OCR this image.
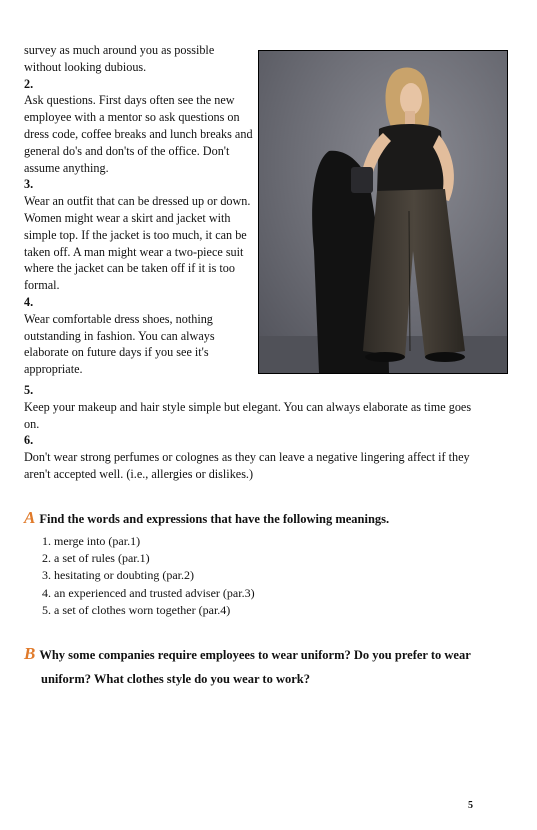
survey as much around you as possible
without looking dubious.
2.
Ask questions. First days often see the new
employee with a mentor so ask questions on
dress code, coffee breaks and lunch breaks and
general do's and don'ts of the office. Don't
assume anything.
3.
Wear an outfit that can be dressed up or down.
Women might wear a skirt and jacket with
simple top. If the jacket is too much, it can be
taken off. A man might wear a two-piece suit
where the jacket can be taken off if it is too
formal.
4.
Wear comfortable dress shoes, nothing
outstanding in fashion. You can always
elaborate on future days if you see it's
appropriate.
5.
Keep your makeup and hair style simple but elegant. You can always elaborate as time goes
on.
6.
Don't wear strong perfumes or colognes as they can leave a negative lingering affect if they
aren't accepted well. (i.e., allergies or dislikes.)
A Find the words and expressions that have the following meanings.
1. merge into (par.1)
2. a set of rules (par.1)
3. hesitating or doubting (par.2)
4. an experienced and trusted adviser (par.3)
5. a set of clothes worn together (par.4)
B Why some companies require employees to wear uniform? Do you prefer to wear
uniform? What clothes style do you wear to work?
5
